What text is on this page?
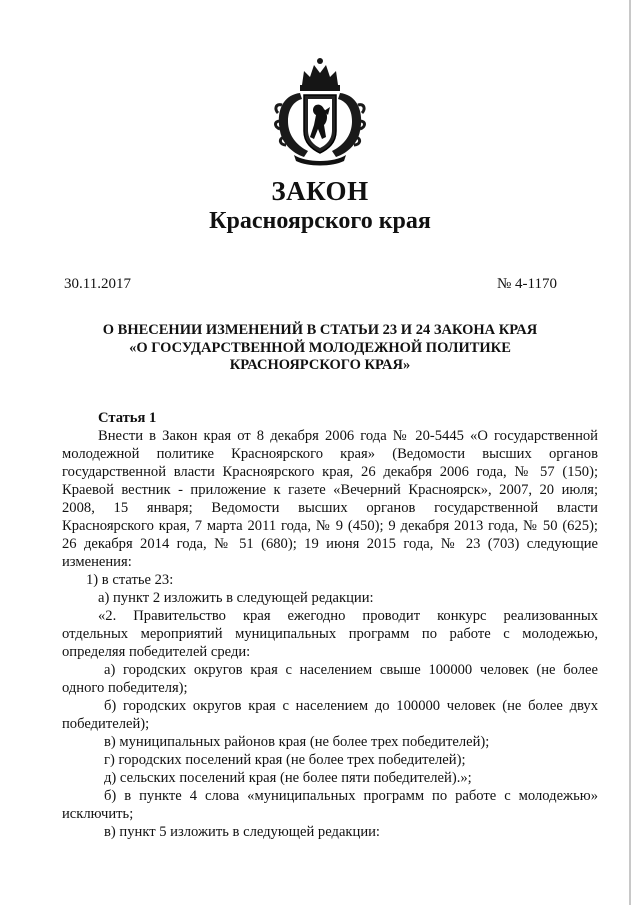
ЗАКОН
Красноярского края
30.11.2017	№ 4-1170
О ВНЕСЕНИИ ИЗМЕНЕНИЙ В СТАТЬИ 23 И 24 ЗАКОНА КРАЯ
«О ГОСУДАРСТВЕННОЙ МОЛОДЕЖНОЙ ПОЛИТИКЕ
КРАСНОЯРСКОГО КРАЯ»

Статья 1

Внести в Закон края от 8 декабря 2006 года № 20-5445 «О государственной

молодежной политике Красноярского края» (Ведомости высших органов

государственной власти Красноярского края, 26 декабря 2006 года, № 57 (150);

Краевой вестник - приложение к газете «Вечерний Красноярск», 2007, 20 июля;

2008, 15 января; Ведомости высших органов государственной власти

Красноярского края, 7 марта 2011 года, № 9 (450); 9 декабря 2013 года, № 50 (625);

26 декабря 2014 года, № 51 (680); 19 июня 2015 года, № 23 (703) следующие

изменения:

1) в статье 23:

а) пункт 2 изложить в следующей редакции:

«2. Правительство края ежегодно проводит конкурс реализованных

отдельных мероприятий муниципальных программ по работе с молодежью,

определяя победителей среди:

а) городских округов края с населением свыше 100000 человек (не более

одного победителя);

б) городских округов края с населением до 100000 человек (не более двух

победителей);

в) муниципальных районов края (не более трех победителей);

г) городских поселений края (не более трех победителей);

д) сельских поселений края (не более пяти победителей).»;

б) в пункте 4 слова «муниципальных программ по работе с молодежью»

исключить;

в) пункт 5 изложить в следующей редакции:
